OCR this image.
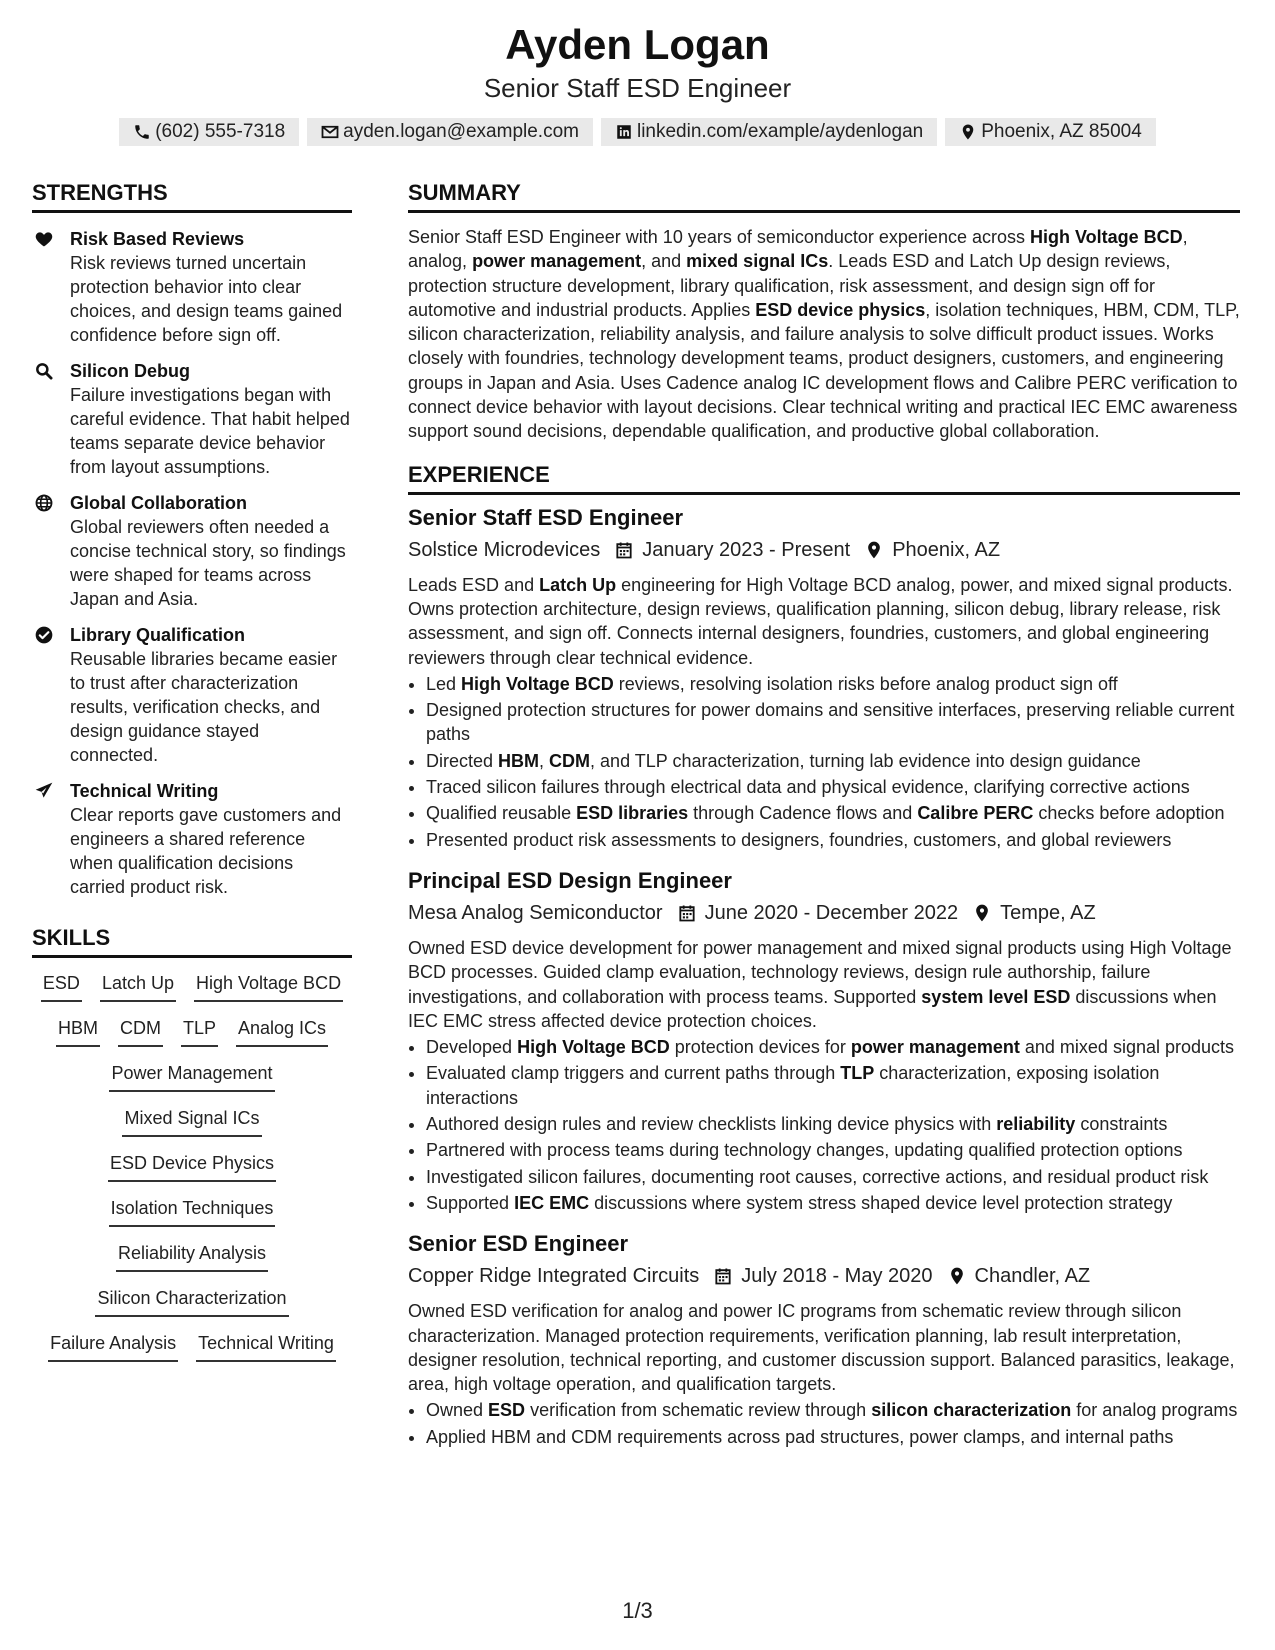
Ayden Logan
Senior Staff ESD Engineer
(602) 555-7318	ayden.logan@example.com	linkedin.com/example/aydenlogan	Phoenix, AZ 85004
STRENGTHS
Risk Based Reviews
Risk reviews turned uncertain protection behavior into clear choices, and design teams gained confidence before sign off.
Silicon Debug
Failure investigations began with careful evidence. That habit helped teams separate device behavior from layout assumptions.
Global Collaboration
Global reviewers often needed a concise technical story, so findings were shaped for teams across Japan and Asia.
Library Qualification
Reusable libraries became easier to trust after characterization results, verification checks, and design guidance stayed connected.
Technical Writing
Clear reports gave customers and engineers a shared reference when qualification decisions carried product risk.
SKILLS
ESD Latch Up High Voltage BCD
HBM CDM TLP Analog ICs
Power Management
Mixed Signal ICs
ESD Device Physics
Isolation Techniques
Reliability Analysis
Silicon Characterization
Failure Analysis Technical Writing
SUMMARY
Senior Staff ESD Engineer with 10 years of semiconductor experience across High Voltage BCD, analog, power management, and mixed signal ICs. Leads ESD and Latch Up design reviews, protection structure development, library qualification, risk assessment, and design sign off for automotive and industrial products. Applies ESD device physics, isolation techniques, HBM, CDM, TLP, silicon characterization, reliability analysis, and failure analysis to solve difficult product issues. Works closely with foundries, technology development teams, product designers, customers, and engineering groups in Japan and Asia. Uses Cadence analog IC development flows and Calibre PERC verification to connect device behavior with layout decisions. Clear technical writing and practical IEC EMC awareness support sound decisions, dependable qualification, and productive global collaboration.
EXPERIENCE
Senior Staff ESD Engineer
Solstice Microdevices January 2023 - Present Phoenix, AZ
Leads ESD and Latch Up engineering for High Voltage BCD analog, power, and mixed signal products. Owns protection architecture, design reviews, qualification planning, silicon debug, library release, risk assessment, and sign off. Connects internal designers, foundries, customers, and global engineering reviewers through clear technical evidence.
• Led High Voltage BCD reviews, resolving isolation risks before analog product sign off
• Designed protection structures for power domains and sensitive interfaces, preserving reliable current paths
• Directed HBM, CDM, and TLP characterization, turning lab evidence into design guidance
• Traced silicon failures through electrical data and physical evidence, clarifying corrective actions
• Qualified reusable ESD libraries through Cadence flows and Calibre PERC checks before adoption
• Presented product risk assessments to designers, foundries, customers, and global reviewers
Principal ESD Design Engineer
Mesa Analog Semiconductor June 2020 - December 2022 Tempe, AZ
Owned ESD device development for power management and mixed signal products using High Voltage BCD processes. Guided clamp evaluation, technology reviews, design rule authorship, failure investigations, and collaboration with process teams. Supported system level ESD discussions when IEC EMC stress affected device protection choices.
• Developed High Voltage BCD protection devices for power management and mixed signal products
• Evaluated clamp triggers and current paths through TLP characterization, exposing isolation interactions
• Authored design rules and review checklists linking device physics with reliability constraints
• Partnered with process teams during technology changes, updating qualified protection options
• Investigated silicon failures, documenting root causes, corrective actions, and residual product risk
• Supported IEC EMC discussions where system stress shaped device level protection strategy
Senior ESD Engineer
Copper Ridge Integrated Circuits July 2018 - May 2020 Chandler, AZ
Owned ESD verification for analog and power IC programs from schematic review through silicon characterization. Managed protection requirements, verification planning, lab result interpretation, designer resolution, technical reporting, and customer discussion support. Balanced parasitics, leakage, area, high voltage operation, and qualification targets.
• Owned ESD verification from schematic review through silicon characterization for analog programs
• Applied HBM and CDM requirements across pad structures, power clamps, and internal paths
1/3
